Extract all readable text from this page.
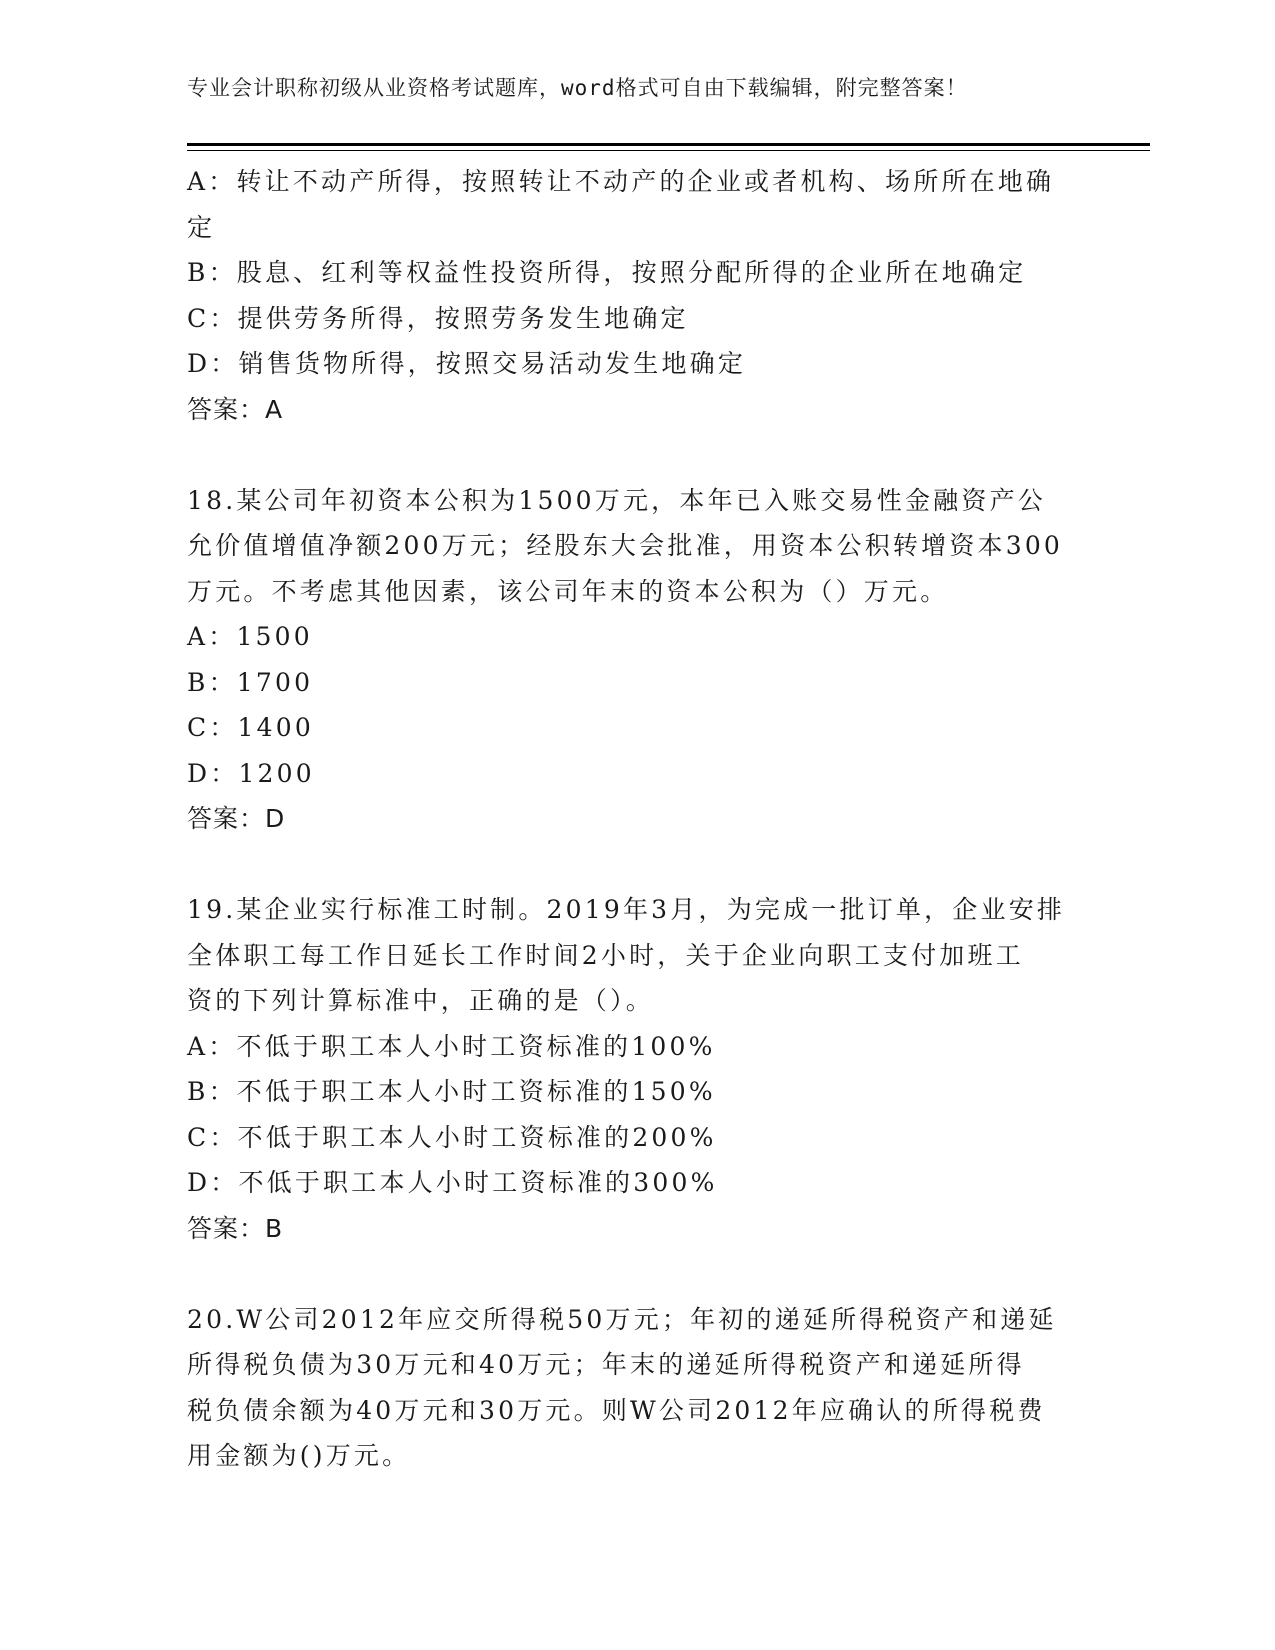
专业会计职称初级从业资格考试题库，word格式可自由下载编辑，附完整答案！
A：转让不动产所得，按照转让不动产的企业或者机构、场所所在地确
定
B：股息、红利等权益性投资所得，按照分配所得的企业所在地确定
C：提供劳务所得，按照劳务发生地确定
D：销售货物所得，按照交易活动发生地确定
答案：A
18.某公司年初资本公积为1500万元，本年已入账交易性金融资产公
允价值增值净额200万元；经股东大会批准，用资本公积转增资本300
万元。不考虑其他因素，该公司年末的资本公积为（）万元。
A：1500
B：1700
C：1400
D：1200
答案：D
19.某企业实行标准工时制。2019年3月，为完成一批订单，企业安排
全体职工每工作日延长工作时间2小时，关于企业向职工支付加班工
资的下列计算标准中，正确的是（）。
A：不低于职工本人小时工资标准的100%
B：不低于职工本人小时工资标准的150%
C：不低于职工本人小时工资标准的200%
D：不低于职工本人小时工资标准的300%
答案：B
20.W公司2012年应交所得税50万元；年初的递延所得税资产和递延
所得税负债为30万元和40万元；年末的递延所得税资产和递延所得
税负债余额为40万元和30万元。则W公司2012年应确认的所得税费
用金额为()万元。
